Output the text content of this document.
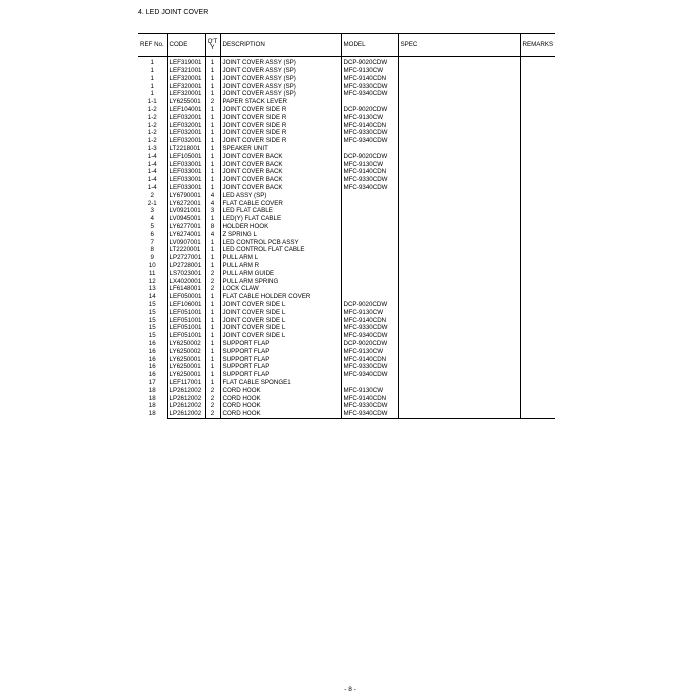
4. LED JOINT COVER
REF No.	CODE	Q'T Y	DESCRIPTION	MODEL	SPEC	REMARKS

1	LEF319001	1	JOINT COVER ASSY (SP)	DCP-9020CDW		
1	LEF321001	1	JOINT COVER ASSY (SP)	MFC-9130CW		
1	LEF320001	1	JOINT COVER ASSY (SP)	MFC-9140CDN		
1	LEF320001	1	JOINT COVER ASSY (SP)	MFC-9330CDW		
1	LEF320001	1	JOINT COVER ASSY (SP)	MFC-9340CDW		
1-1	LY6255001	2	PAPER STACK LEVER			
1-2	LEF104001	1	JOINT COVER SIDE R	DCP-9020CDW		
1-2	LEF032001	1	JOINT COVER SIDE R	MFC-9130CW		
1-2	LEF032001	1	JOINT COVER SIDE R	MFC-9140CDN		
1-2	LEF032001	1	JOINT COVER SIDE R	MFC-9330CDW		
1-2	LEF032001	1	JOINT COVER SIDE R	MFC-9340CDW		
1-3	LT2218001	1	SPEAKER UNIT			
1-4	LEF105001	1	JOINT COVER BACK	DCP-9020CDW		
1-4	LEF033001	1	JOINT COVER BACK	MFC-9130CW		
1-4	LEF033001	1	JOINT COVER BACK	MFC-9140CDN		
1-4	LEF033001	1	JOINT COVER BACK	MFC-9330CDW		
1-4	LEF033001	1	JOINT COVER BACK	MFC-9340CDW		
2	LY6790001	4	LED ASSY (SP)			
2-1	LY6272001	4	FLAT CABLE COVER			
3	LV0921001	3	LED FLAT CABLE			
4	LV0945001	1	LED(Y) FLAT CABLE			
5	LY6277001	8	HOLDER HOOK			
6	LY6274001	4	Z SPRING L			
7	LV0907001	1	LED CONTROL PCB ASSY			
8	LT2220001	1	LED CONTROL FLAT CABLE			
9	LP2727001	1	PULL ARM L			
10	LP2728001	1	PULL ARM R			
11	LS7023001	2	PULL ARM GUIDE			
12	LX4020001	2	PULL ARM SPRING			
13	LF6148001	2	LOCK CLAW			
14	LEF050001	1	FLAT CABLE HOLDER COVER			
15	LEF106001	1	JOINT COVER SIDE L	DCP-9020CDW		
15	LEF051001	1	JOINT COVER SIDE L	MFC-9130CW		
15	LEF051001	1	JOINT COVER SIDE L	MFC-9140CDN		
15	LEF051001	1	JOINT COVER SIDE L	MFC-9330CDW		
15	LEF051001	1	JOINT COVER SIDE L	MFC-9340CDW		
16	LY6250002	1	SUPPORT FLAP	DCP-9020CDW		
16	LY6250002	1	SUPPORT FLAP	MFC-9130CW		
16	LY6250001	1	SUPPORT FLAP	MFC-9140CDN		
16	LY6250001	1	SUPPORT FLAP	MFC-9330CDW		
16	LY6250001	1	SUPPORT FLAP	MFC-9340CDW		
17	LEF117001	1	FLAT CABLE SPONGE1			
18	LP2612002	2	CORD HOOK	MFC-9130CW		
18	LP2612002	2	CORD HOOK	MFC-9140CDN		
18	LP2612002	2	CORD HOOK	MFC-9330CDW		
18	LP2612002	2	CORD HOOK	MFC-9340CDW		
- 8 -
